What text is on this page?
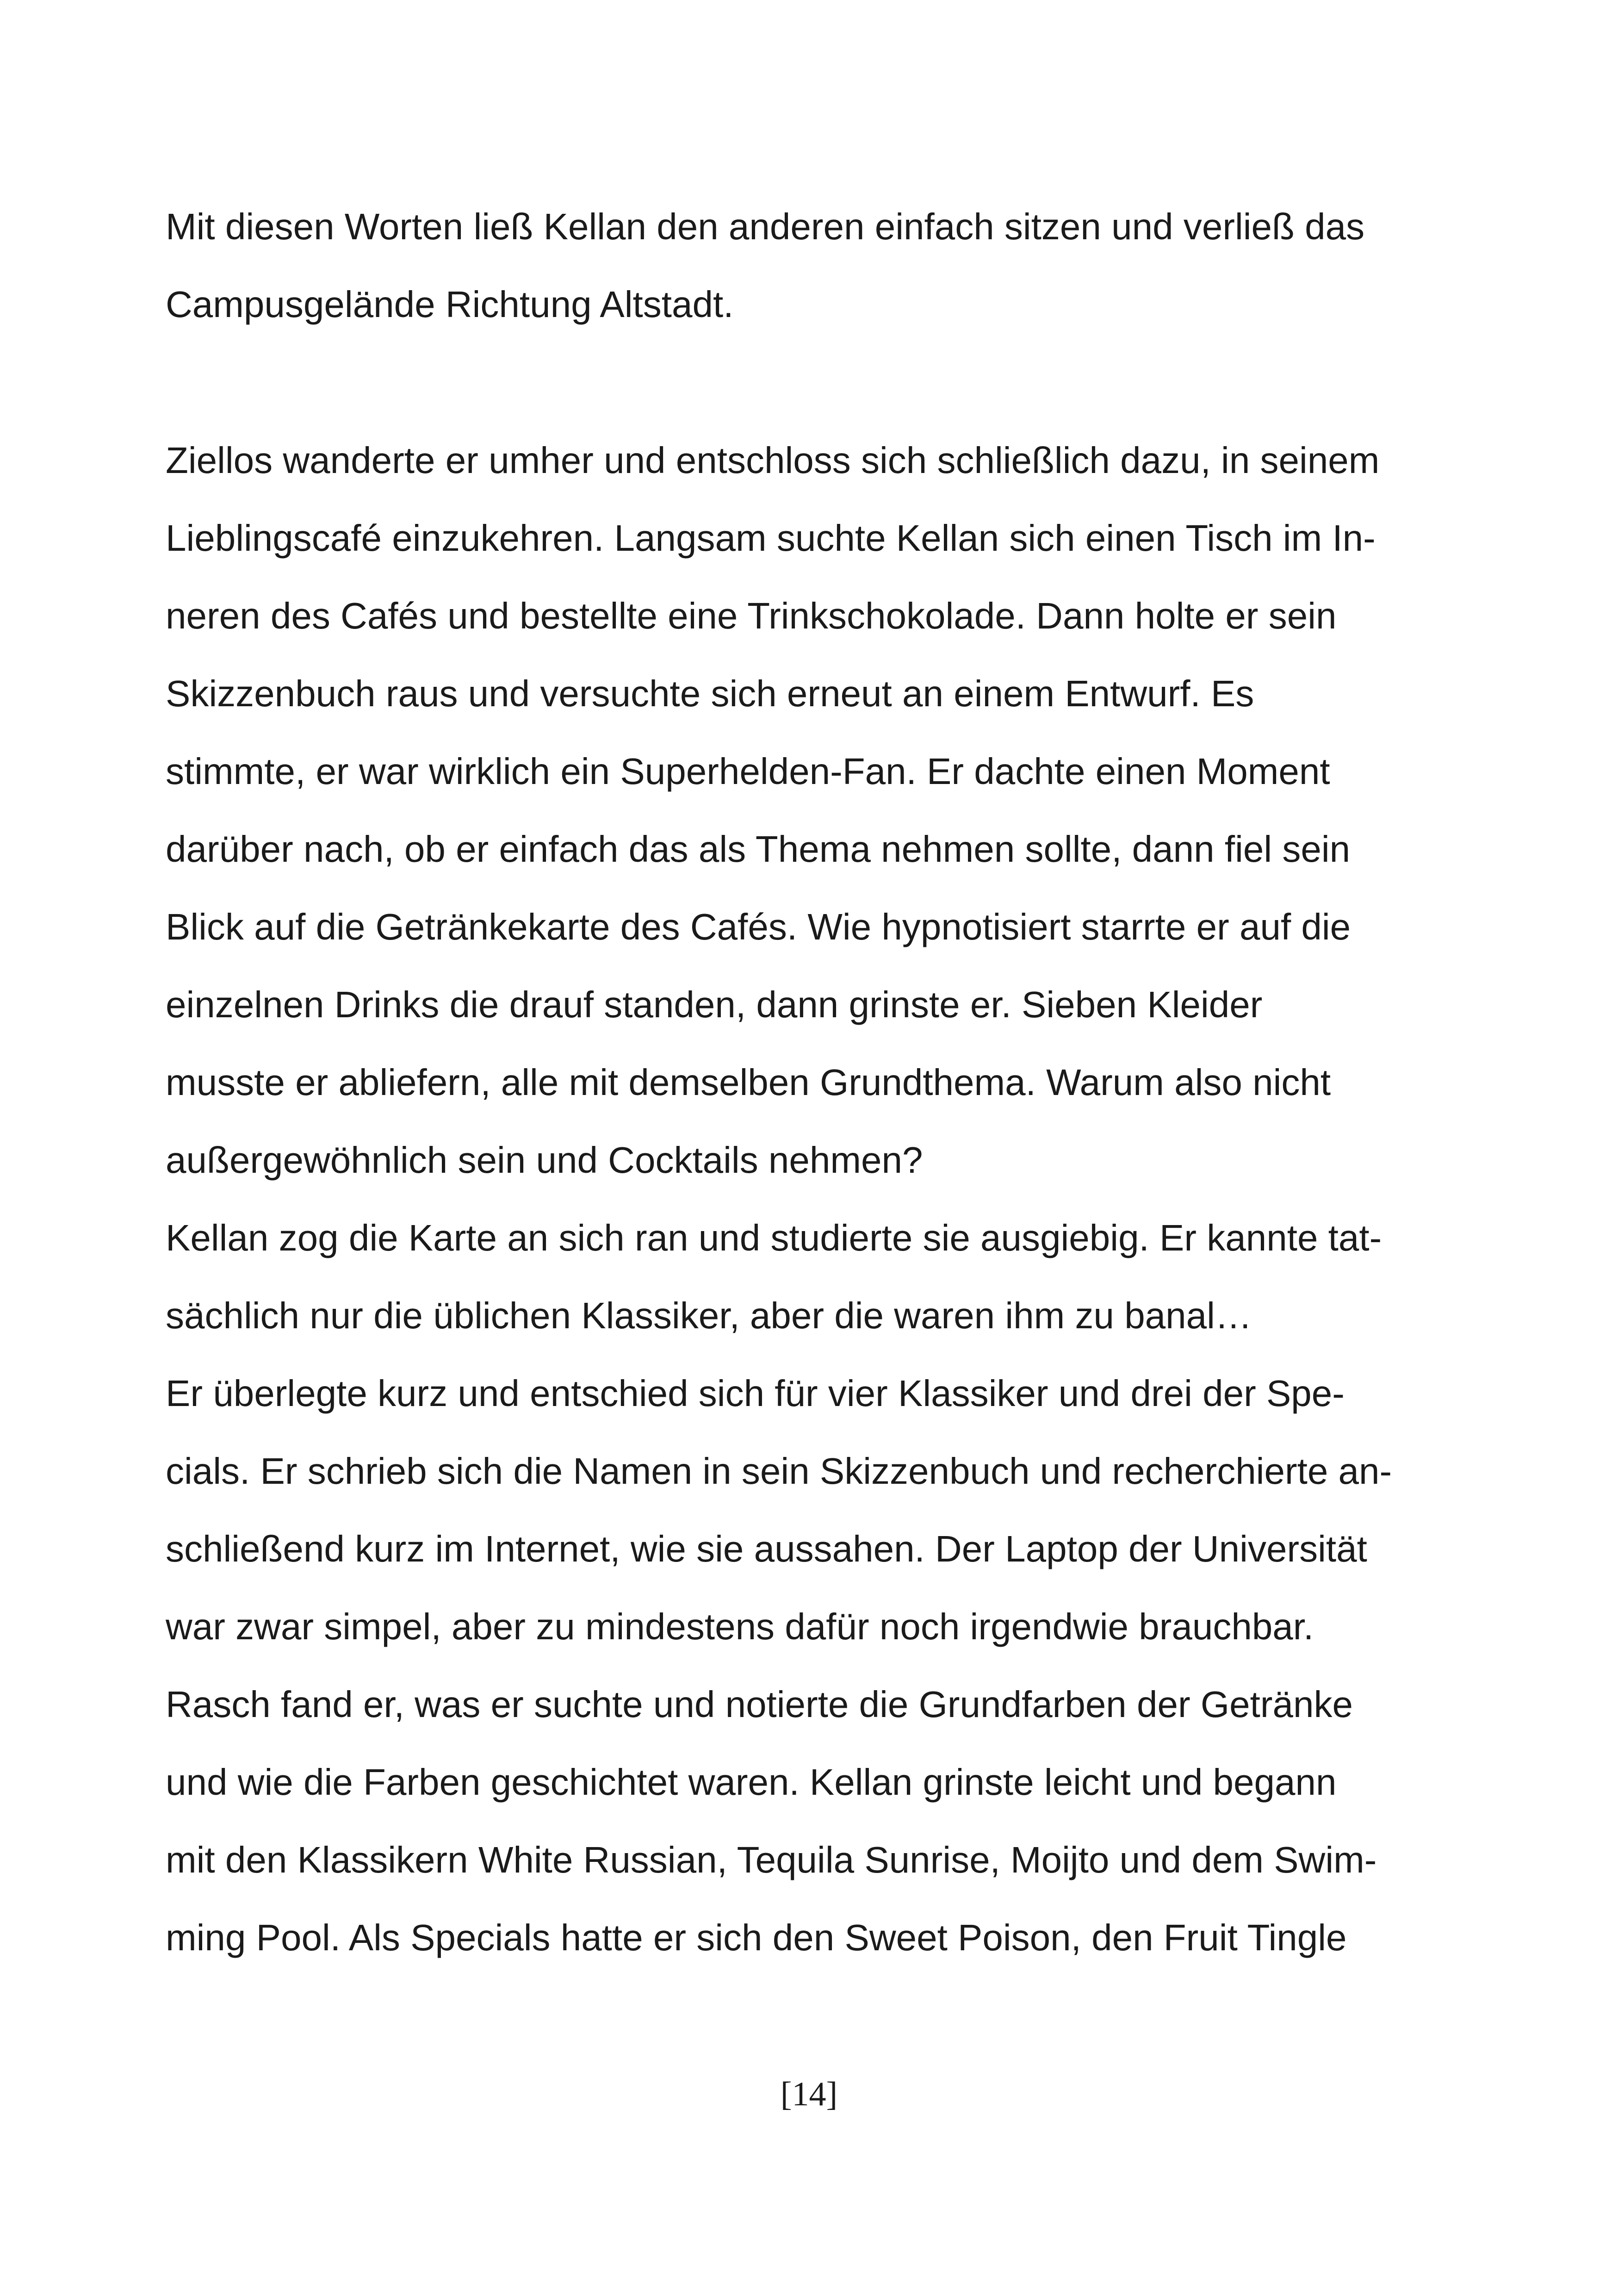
Mit diesen Worten ließ Kellan den anderen einfach sitzen und verließ das
Campusgelände Richtung Altstadt.
Ziellos wanderte er umher und entschloss sich schließlich dazu, in seinem
Lieblingscafé einzukehren. Langsam suchte Kellan sich einen Tisch im In-
neren des Cafés und bestellte eine Trinkschokolade. Dann holte er sein
Skizzenbuch raus und versuchte sich erneut an einem Entwurf. Es
stimmte, er war wirklich ein Superhelden-Fan. Er dachte einen Moment
darüber nach, ob er einfach das als Thema nehmen sollte, dann fiel sein
Blick auf die Getränkekarte des Cafés. Wie hypnotisiert starrte er auf die
einzelnen Drinks die drauf standen, dann grinste er. Sieben Kleider
musste er abliefern, alle mit demselben Grundthema. Warum also nicht
außergewöhnlich sein und Cocktails nehmen?
Kellan zog die Karte an sich ran und studierte sie ausgiebig. Er kannte tat-
sächlich nur die üblichen Klassiker, aber die waren ihm zu banal…
Er überlegte kurz und entschied sich für vier Klassiker und drei der Spe-
cials. Er schrieb sich die Namen in sein Skizzenbuch und recherchierte an-
schließend kurz im Internet, wie sie aussahen. Der Laptop der Universität
war zwar simpel, aber zu mindestens dafür noch irgendwie brauchbar.
Rasch fand er, was er suchte und notierte die Grundfarben der Getränke
und wie die Farben geschichtet waren. Kellan grinste leicht und begann
mit den Klassikern White Russian, Tequila Sunrise, Moijto und dem Swim-
ming Pool. Als Specials hatte er sich den Sweet Poison, den Fruit Tingle
[14]
